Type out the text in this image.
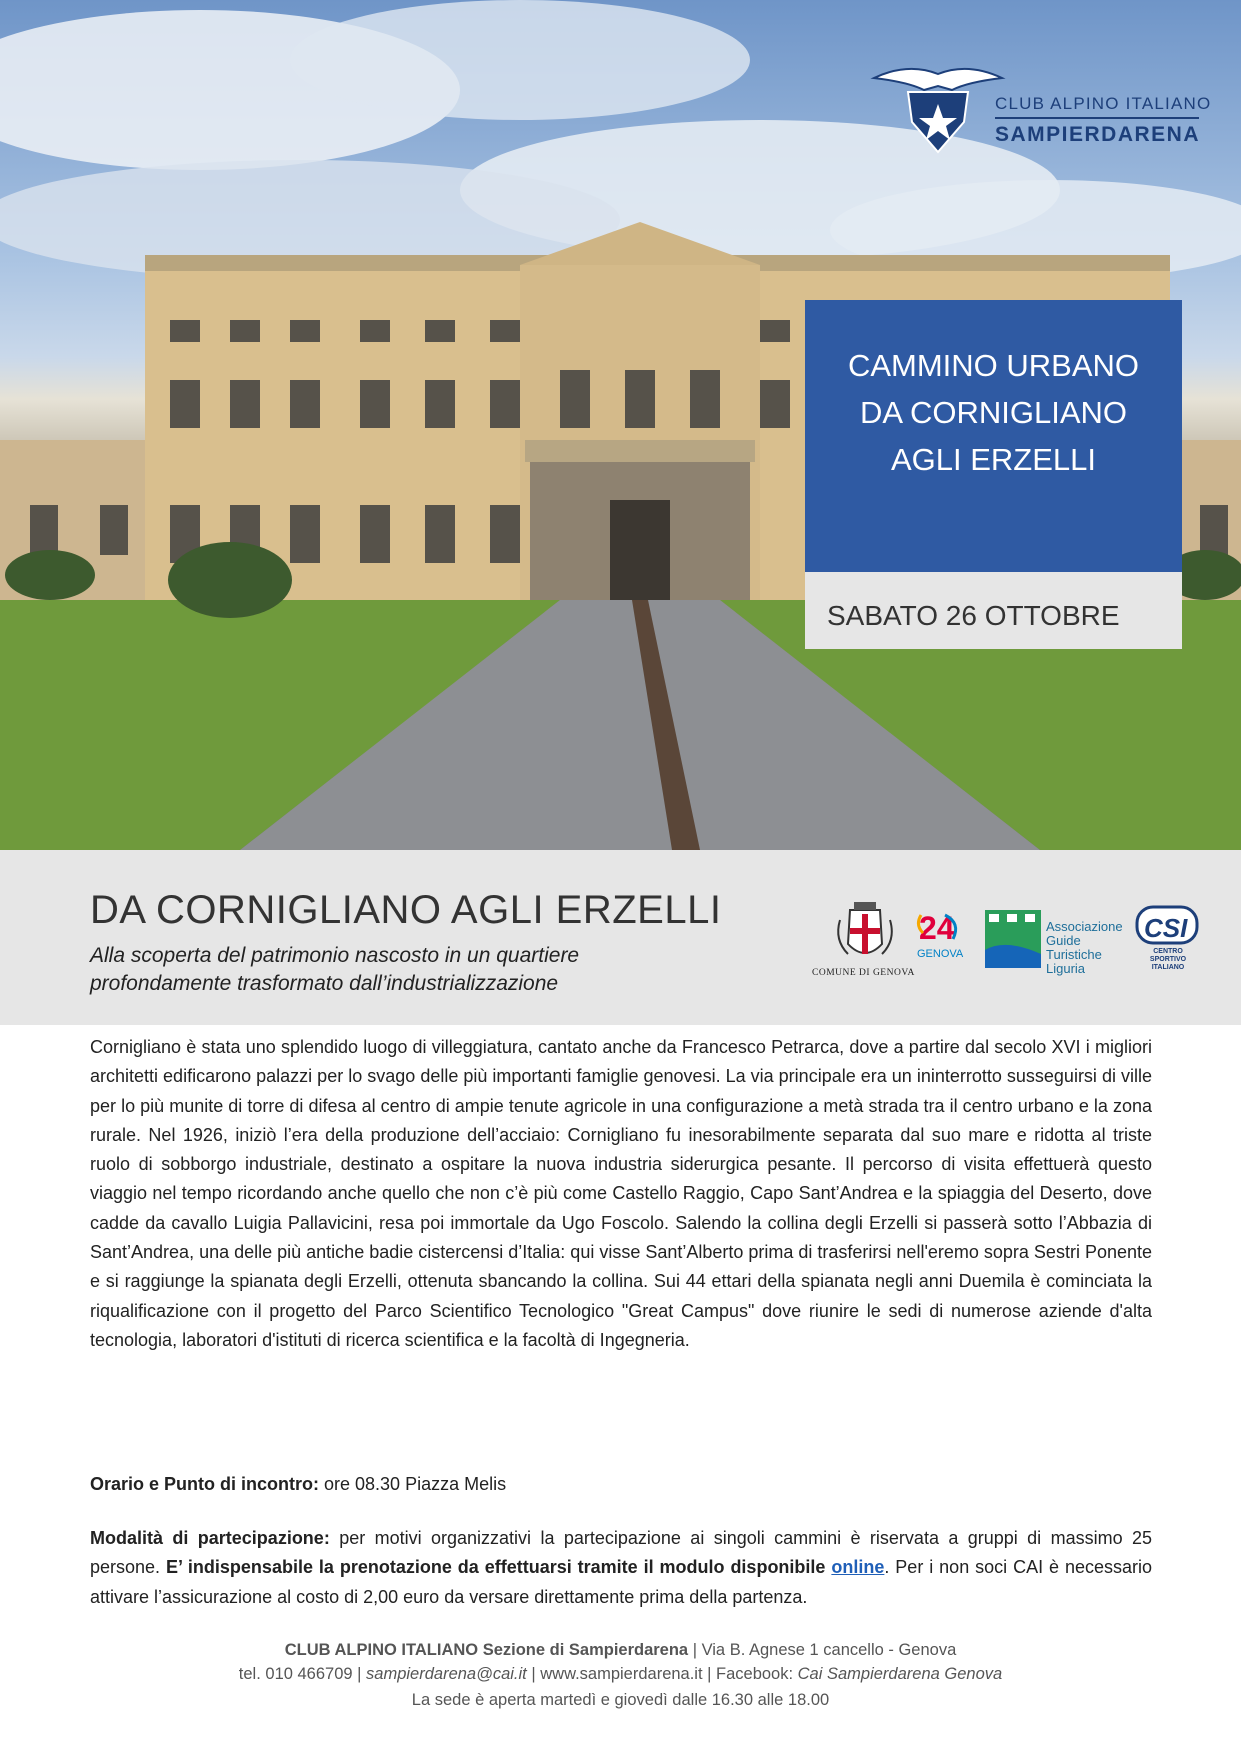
CLUB ALPINO ITALIANO
SAMPIERDARENA
CAMMINO URBANO
DA CORNIGLIANO
AGLI ERZELLI
SABATO 26 OTTOBRE
DA CORNIGLIANO AGLI ERZELLI
Alla scoperta del patrimonio nascosto in un quartiere
profondamente trasformato dall’industrializzazione	COMUNE DI GENOVA
24
GENOVA
Associazione
Guide
Turistiche
Liguria
CSI
CENTRO
SPORTIVO
ITALIANO

Cornigliano è stata uno splendido luogo di villeggiatura, cantato anche da Francesco Petrarca, dove a partire dal secolo XVI i migliori architetti edificarono palazzi per lo svago delle più importanti famiglie genovesi. La via principale era un ininterrotto susseguirsi di ville per lo più munite di torre di difesa al centro di ampie tenute agricole in una configurazione a metà strada tra il centro urbano e la zona rurale. Nel 1926, iniziò l’era della produzione dell’acciaio: Cornigliano fu inesorabilmente separata dal suo mare e ridotta al triste ruolo di sobborgo industriale, destinato a ospitare la nuova industria siderurgica pesante. Il percorso di visita effettuerà questo viaggio nel tempo ricordando anche quello che non c’è più come Castello Raggio, Capo Sant’Andrea e la spiaggia del Deserto, dove cadde da cavallo Luigia Pallavicini, resa poi immortale da Ugo Foscolo. Salendo la collina degli Erzelli si passerà sotto l’Abbazia di Sant’Andrea, una delle più antiche badie cistercensi d’Italia: qui visse Sant’Alberto prima di trasferirsi nell'eremo sopra Sestri Ponente e si raggiunge la spianata degli Erzelli, ottenuta sbancando la collina. Sui 44 ettari della spianata negli anni Duemila è cominciata la riqualificazione con il progetto del Parco Scientifico Tecnologico "Great Campus" dove riunire le sedi di numerose aziende d'alta tecnologia, laboratori d'istituti di ricerca scientifica e la facoltà di Ingegneria.

Orario e Punto di incontro: ore 08.30 Piazza Melis

Modalità di partecipazione: per motivi organizzativi la partecipazione ai singoli cammini è riservata a gruppi di massimo 25 persone. E’ indispensabile la prenotazione da effettuarsi tramite il modulo disponibile online. Per i non soci CAI è necessario attivare l’assicurazione al costo di 2,00 euro da versare direttamente prima della partenza.

CLUB ALPINO ITALIANO Sezione di Sampierdarena | Via B. Agnese 1 cancello - Genova
tel. 010 466709 | sampierdarena@cai.it | www.sampierdarena.it | Facebook: Cai Sampierdarena Genova
La sede è aperta martedì e giovedì dalle 16.30 alle 18.00
